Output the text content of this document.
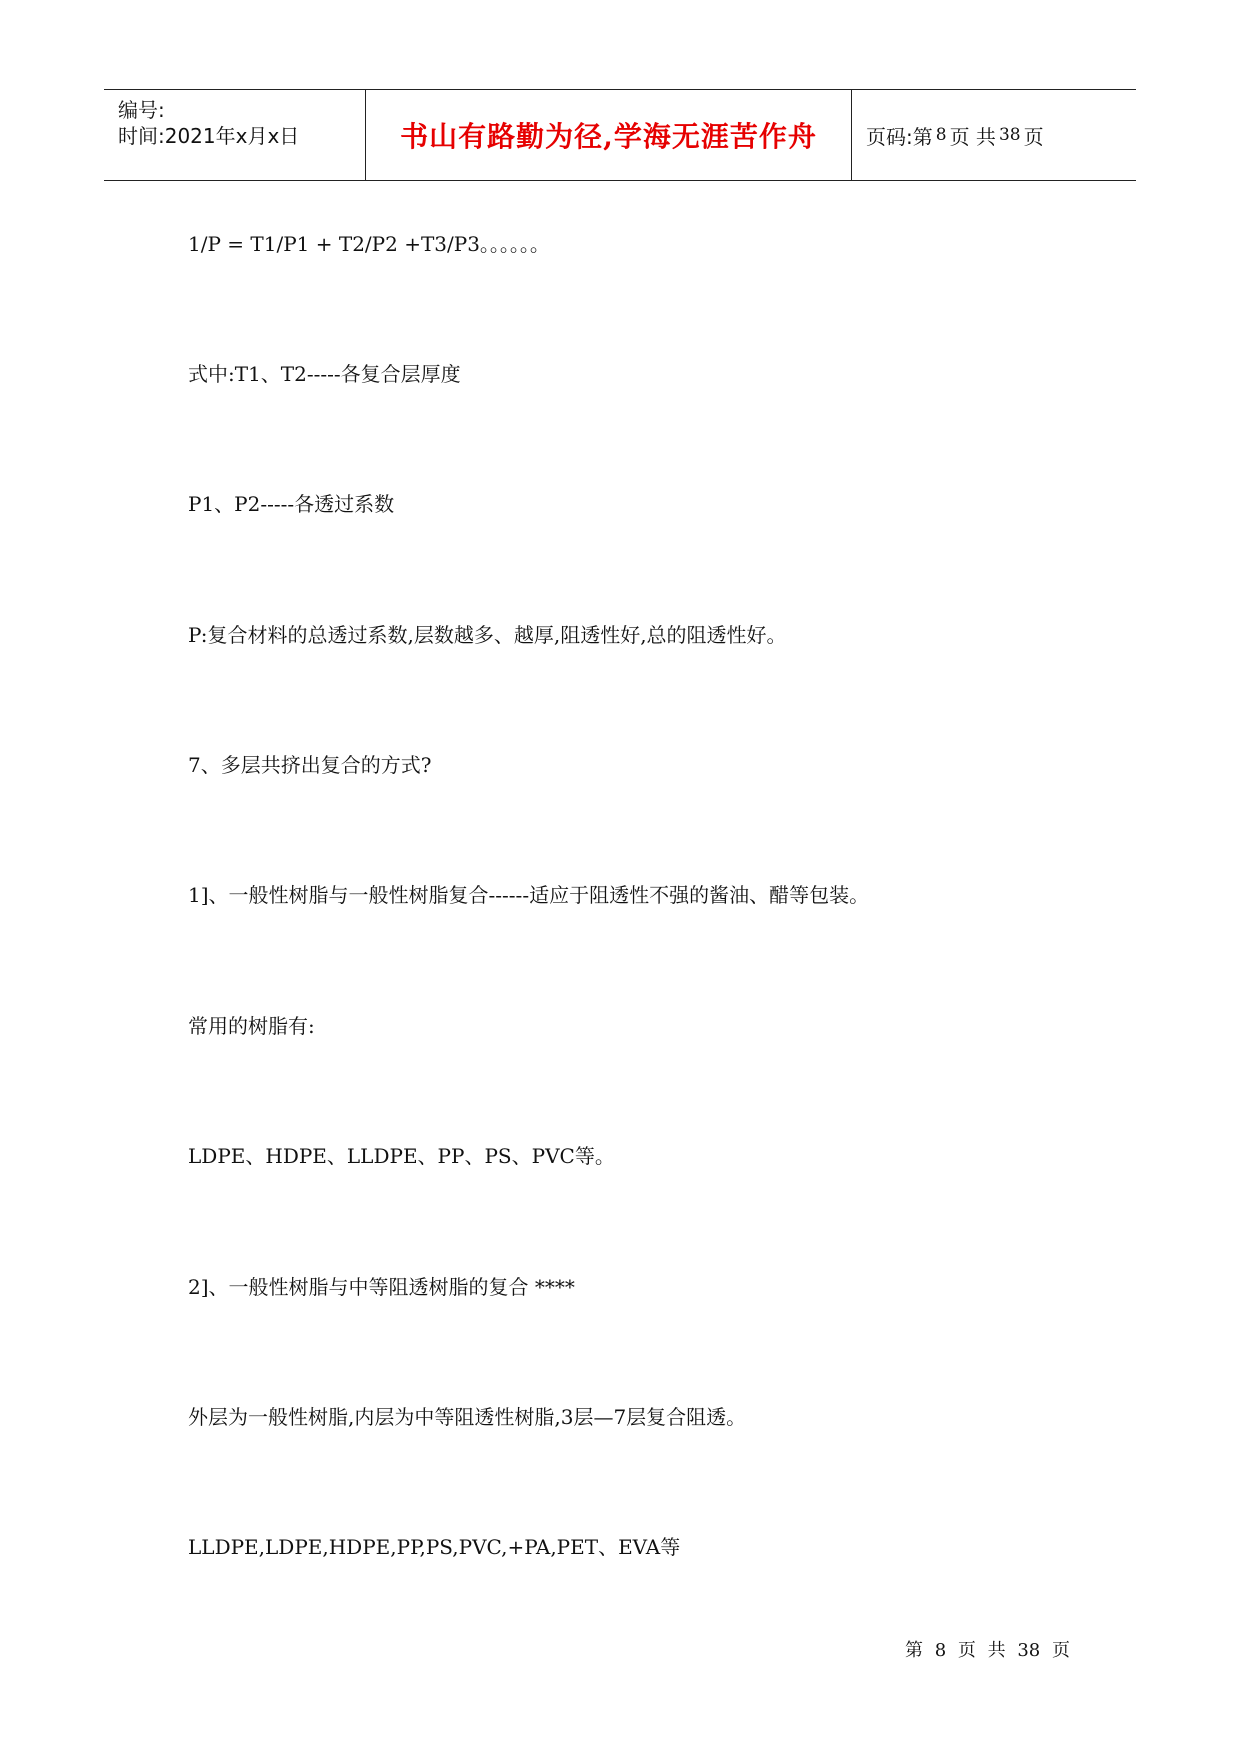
编号:
时间:2021年x月x日	书山有路勤为径,学海无涯苦作舟	页码:第 8 页 共 38 页
1/P = T1/P1 + T2/P2 +T3/P3。。。。。。
式中:T1、T2-----各复合层厚度
P1、P2-----各透过系数
P:复合材料的总透过系数,层数越多、越厚,阻透性好,总的阻透性好。
7、多层共挤出复合的方式?
1]、一般性树脂与一般性树脂复合------适应于阻透性不强的酱油、醋等包装。
常用的树脂有:
LDPE、HDPE、LLDPE、PP、PS、PVC等。
2]、一般性树脂与中等阻透树脂的复合 ****
外层为一般性树脂,内层为中等阻透性树脂,3层—7层复合阻透。
LLDPE,LDPE,HDPE,PP,PS,PVC,+PA,PET、EVA等
第 8 页 共 38 页
